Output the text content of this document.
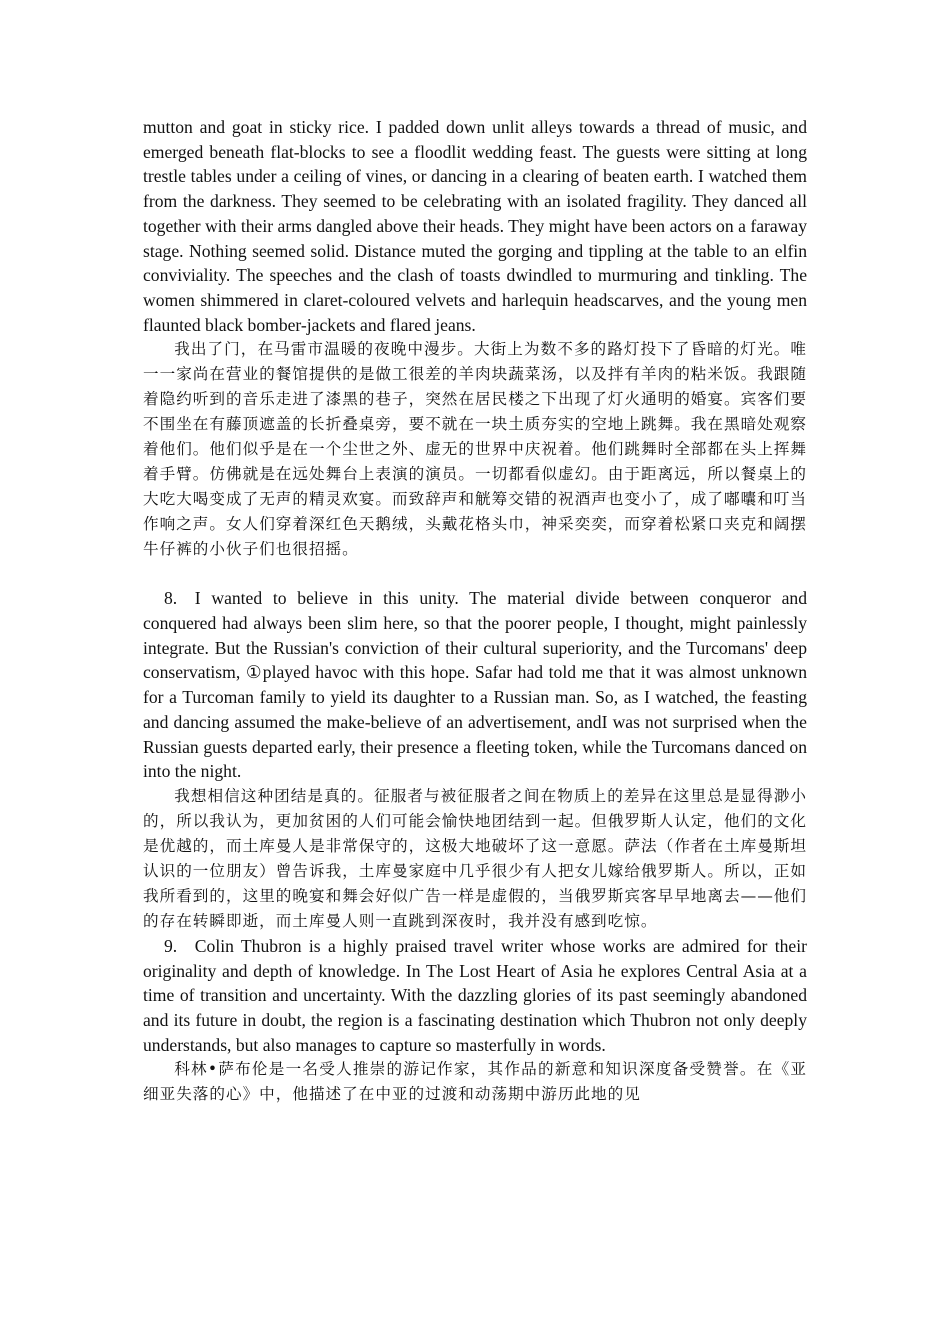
mutton and goat in sticky rice. I padded down unlit alleys towards a thread of music, and emerged beneath flat-blocks to see a floodlit wedding feast. The guests were sitting at long trestle tables under a ceiling of vines, or dancing in a clearing of beaten earth. I watched them from the darkness. They seemed to be celebrating with an isolated fragility. They danced all together with their arms dangled above their heads. They might have been actors on a faraway stage. Nothing seemed solid. Distance muted the gorging and tippling at the table to an elfin conviviality. The speeches and the clash of toasts dwindled to murmuring and tinkling. The women shimmered in claret-coloured velvets and harlequin headscarves, and the young men flaunted black bomber-jackets and flared jeans.

我出了门，在马雷市温暖的夜晚中漫步。大街上为数不多的路灯投下了昏暗的灯光。唯一一家尚在营业的餐馆提供的是做工很差的羊肉块蔬菜汤，以及拌有羊肉的粘米饭。我跟随着隐约听到的音乐走进了漆黑的巷子，突然在居民楼之下出现了灯火通明的婚宴。宾客们要不围坐在有藤顶遮盖的长折叠桌旁，要不就在一块土质夯实的空地上跳舞。我在黑暗处观察着他们。他们似乎是在一个尘世之外、虚无的世界中庆祝着。他们跳舞时全部都在头上挥舞着手臂。仿佛就是在远处舞台上表演的演员。一切都看似虚幻。由于距离远，所以餐桌上的大吃大喝变成了无声的精灵欢宴。而致辞声和觥筹交错的祝酒声也变小了，成了嘟囔和叮当作响之声。女人们穿着深红色天鹅绒，头戴花格头巾，神采奕奕，而穿着松紧口夹克和阔摆牛仔裤的小伙子们也很招摇。

8. I wanted to believe in this unity. The material divide between conqueror and conquered had always been slim here, so that the poorer people, I thought, might painlessly integrate. But the Russian's conviction of their cultural superiority, and the Turcomans' deep conservatism, ①played havoc with this hope. Safar had told me that it was almost unknown for a Turcoman family to yield its daughter to a Russian man. So, as I watched, the feasting and dancing assumed the make-believe of an advertisement, andI was not surprised when the Russian guests departed early, their presence a fleeting token, while the Turcomans danced on into the night.

我想相信这种团结是真的。征服者与被征服者之间在物质上的差异在这里总是显得渺小的，所以我认为，更加贫困的人们可能会愉快地团结到一起。但俄罗斯人认定，他们的文化是优越的，而土库曼人是非常保守的，这极大地破坏了这一意愿。萨法（作者在土库曼斯坦认识的一位朋友）曾告诉我，土库曼家庭中几乎很少有人把女儿嫁给俄罗斯人。所以，正如我所看到的，这里的晚宴和舞会好似广告一样是虚假的，当俄罗斯宾客早早地离去——他们的存在转瞬即逝，而土库曼人则一直跳到深夜时，我并没有感到吃惊。

9. Colin Thubron is a highly praised travel writer whose works are admired for their originality and depth of knowledge. In The Lost Heart of Asia he explores Central Asia at a time of transition and uncertainty. With the dazzling glories of its past seemingly abandoned and its future in doubt, the region is a fascinating destination which Thubron not only deeply understands, but also manages to capture so masterfully in words.

科林•萨布伦是一名受人推崇的游记作家，其作品的新意和知识深度备受赞誉。在《亚细亚失落的心》中，他描述了在中亚的过渡和动荡期中游历此地的见
